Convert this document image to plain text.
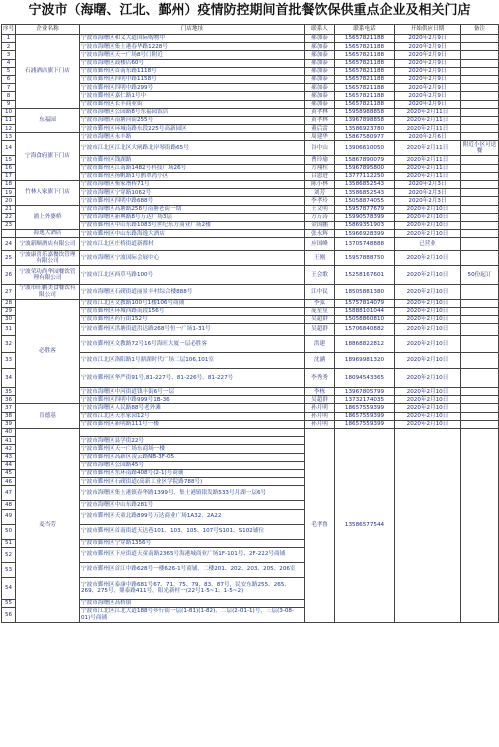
宁波市（海曙、江北、鄞州）疫情防控期间首批餐饮保供重点企业及相关门店
序号	企业名称	门店地址	联系人	联系电话	开始供应日期	备注
1	石浦酒店旗下门店	宁波市海曙区和义大道国际购物中	郝加泰	15657821188	2020年2月9日	
2		宁波市海曙区集士港春华路1228号	郝加泰	15657821188	2020年2月9日	
3		宁波市海曙区天一广场8号门附近	郝加泰	15657821188	2020年2月9日	
4		宁波市海曙区鼓楼店60号	郝加泰	15657821188	2020年2月9日	
5		宁波市鄞州区首南东路1118号	郝加泰	15657821188	2020年2月9日	
6		宁波市鄞州区四明中路1158号	郝加泰	15657821188	2020年2月9日	
7		宁波市鄞州区四明中路299号	郝加泰	15657821188	2020年2月9日	
8		宁波市鄞州区嘉仁路1号中	郝加泰	15657821188	2020年2月9日	
9		宁波市鄞州区长丰商业街	郝加泰	15657821188	2020年2月9日	
10	东福园	宁波市海曙区公园路8号东福园饭店	黄孝林	15958988858	2020年2月11日	
11		宁波市海曙区南塘河街255号	黄孝林	13967898858	2020年2月11日	
12		宁波市鄞州区环城南路东段225号高新园区	董后雷	13586923780	2020年2月11日	
13	宁海食府旗下门店	宁波市海曙区永丰路	周建华	15867580977	2020年2月6日	
14		宁波市江北区江北区大闸路北岸琴街路65号	谷中山	13906610050	2020年2月11日	附近小区可送餐
15		宁波市鄞州区钱湖路	曹玲瑜	15867890079	2020年2月11日	
16		宁波市鄞州区江南路1482号科技广场26号	方翔柱	15967895800	2020年2月11日	
17		宁波市鄞州区扬帆路1号鹊翠湾小区	吕恩进	13777112250	2020年2月11日	
18	竹林人家旗下门店	宁波市海曙区柴家漕桥71号	陈小林	13586852543	2020年2月3日	
19		宁波市海曙区宁穿路1062号	刘芳	13586852543	2020年2月3日	
20		宁波市鄞州区四明中路688号	李孝玲	15058874055	2020年2月3日	
21	浦上外婆桥	宁波市海曙区高塘路258号南塘老街一期	王文明	15957877679	2020年2月10日	
22		宁波市海曙区新典路8号万达广场3层	方万涛	15990578399	2020年2月10日	
23		宁波市鄞州区中山东路1083号世纪东方商业广场2楼	金国鹏	15869351903	2020年2月10日	
	海逸大酒店	宁波市鄞州区中山东路海逸大酒店	张永辉	15966928399	2020年2月10日	
24	宁波新顺酒店有限公司	宁波市江北区庄桥街道新都村	应国峰	13705748888	已营业	
25	宁波康喜乐嘉餐饮管理有限公司	宁波市海曙区宁波国际会展中心	王刚	15957888750	2020年2月10日	
26	宁波荣功尚华园餐饮管理有限公司	宁波市江北区西草马路100号	王会歌	15258167601	2020年2月10日	50份起订
27	宁波市旺鹏美食餐饮有限公司	宁波市海曙区石碶街道丽景丰村综合楼888号	江中民	18505881380	2020年2月10日	
28	必胜客	宁波市江北区文教路100号1楼106号商铺	李弦	15757814079	2020年2月10日	
29		宁波市鄞州区环城西路南段156号	庞星星	15888101044	2020年2月10日	
30		宁波市鄞州区药行街152号	吴超群	15058860810	2020年2月10日	
31		宁波市鄞州区洪塘街道洪达路268号恒一广场1-31号	吴超群	15706840882	2020年2月10日	
32		宁波市鄞州区文教路72号16号海旺大厦一层必胜客	洪建	18868822812	2020年2月10日	
33		宁波市江北区洛阳路1号鼎湖时代广场二层106,101室	沈涵	18969981320	2020年2月10日	
34		宁波市鄞州区华严街91号,81-227号、81-226号、81-227号	李秀秀	18094543365	2020年2月10日	
35		宁波市海曙区中河街道钱丰街6号一层	李栋	13967805799	2020年2月10日	
36		宁波市鄞州区四明中路999号1B-36	吴超群	13732174035	2020年2月10日	
37	肯德基	宁波市海曙区人民路88号老外滩	孙月明	18657559399	2020年2月10日	
38		宁波市江北区天水家园12号	孙月明	18657559399	2020年2月10日	
39		宁波市鄞州区新明路111号一楼	孙月明	18657559399	2020年2月10日	
40	麦当劳		毛孝鲁	13586577544		
41		宁波市海曙区县学街22号				
42		宁波市鄞州区天一广场东商场一楼				
43		宁波市鄞州区高新区凌云路NB-3F-05				
44		宁波市海曙区公园路45号				
45		宁波市鄞州区东环南路408号(2-1)号商铺				
46		宁波市鄞州区石碶街道(高新工业区学院路788号)				
47		宁波市海曙区集士港镇春华路1399号、集士港镇银发路533号月湖一层6号				
48		宁波市海曙区中山东路281号				
49		宁波市鄞州区天童北路899号万达商业广场1A32、2A22				
50		宁波市鄞州区首南街道天达巷101、103、105、107号S101、S102铺位				
51		宁波市鄞州区宁穿路1356号				
52		宁波市鄞州区下应街道天童南路2365号海港城商业广场1F-101号、2F-222号商铺				
53		宁波市鄞州区首江中路628号一楼626-1号商铺，二楼201、202、203、205、206室				
54		宁波市鄞州区泰康中路681号67、71、75、79、83、87号，民安东路255、265、269、275号，鼎泰路411号，阳光新村一(22号1-5~1、1-5~2)				
55		宁波市海曙区高桥镇				
56		宁波市江北区江北大道188号步行街一层(1-81)(1-82)、二层(2-01-1)号，三层(3-08-01)号商铺				
